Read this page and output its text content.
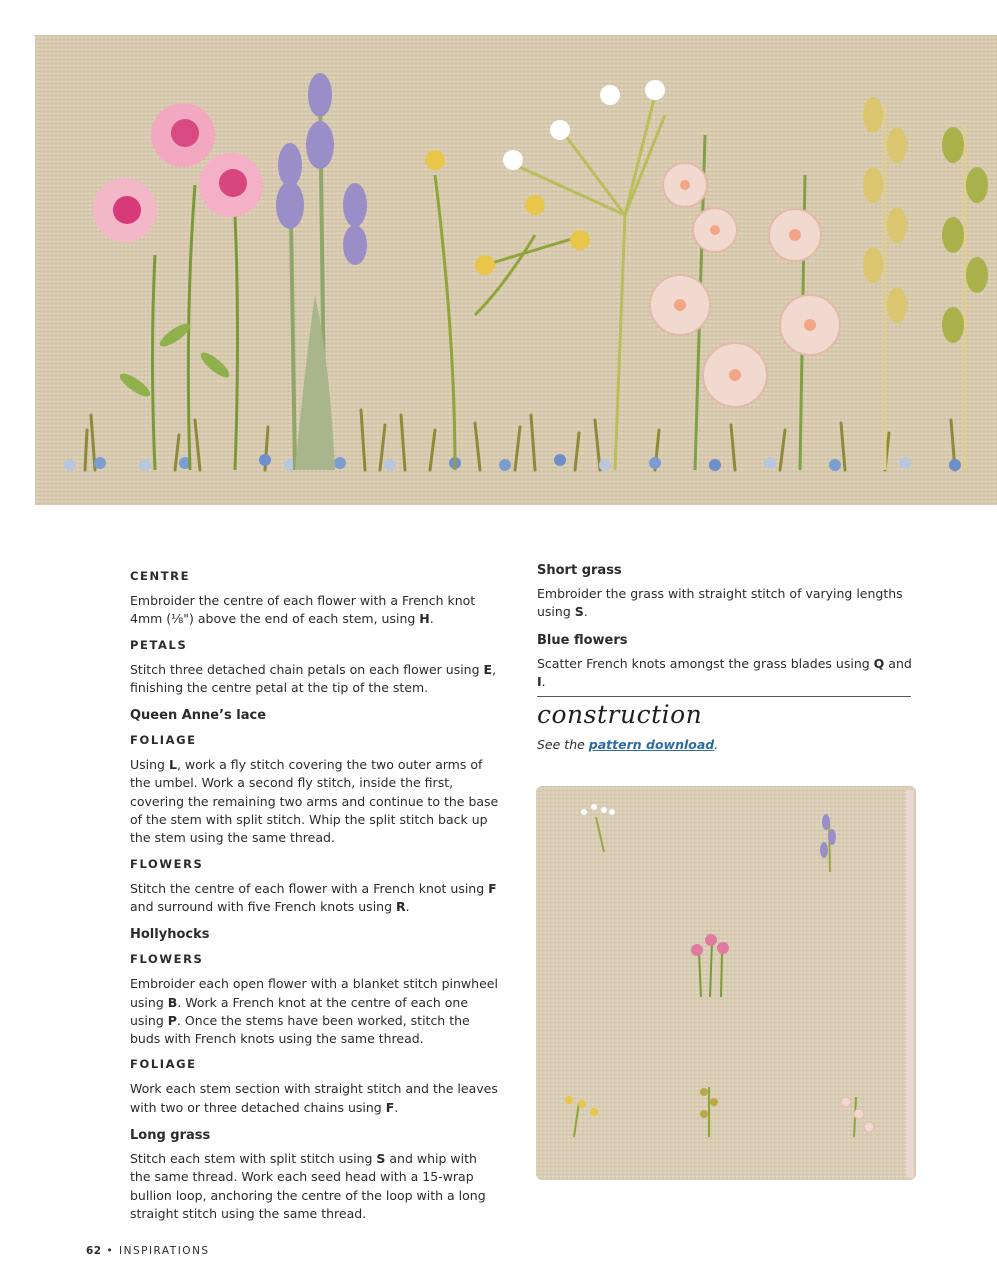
CENTRE

Embroider the centre of each flower with a French knot 4mm (⅛") above the end of each stem, using H.

PETALS

Stitch three detached chain petals on each flower using E, finishing the centre petal at the tip of the stem.

Queen Anne’s lace
FOLIAGE

Using L, work a fly stitch covering the two outer arms of the umbel. Work a second fly stitch, inside the first, covering the remaining two arms and continue to the base of the stem with split stitch. Whip the split stitch back up the stem using the same thread.

FLOWERS

Stitch the centre of each flower with a French knot using F and surround with five French knots using R.

Hollyhocks
FLOWERS

Embroider each open flower with a blanket stitch pinwheel using B. Work a French knot at the centre of each one using P. Once the stems have been worked, stitch the buds with French knots using the same thread.

FOLIAGE

Work each stem section with straight stitch and the leaves with two or three detached chains using F.

Long grass

Stitch each stem with split stitch using S and whip with the same thread. Work each seed head with a 15-wrap bullion loop, anchoring the centre of the loop with a long straight stitch using the same thread.

Short grass

Embroider the grass with straight stitch of varying lengths using S.

Blue flowers

Scatter French knots amongst the grass blades using Q and I.

construction
See the pattern download.
62 • INSPIRATIONS
